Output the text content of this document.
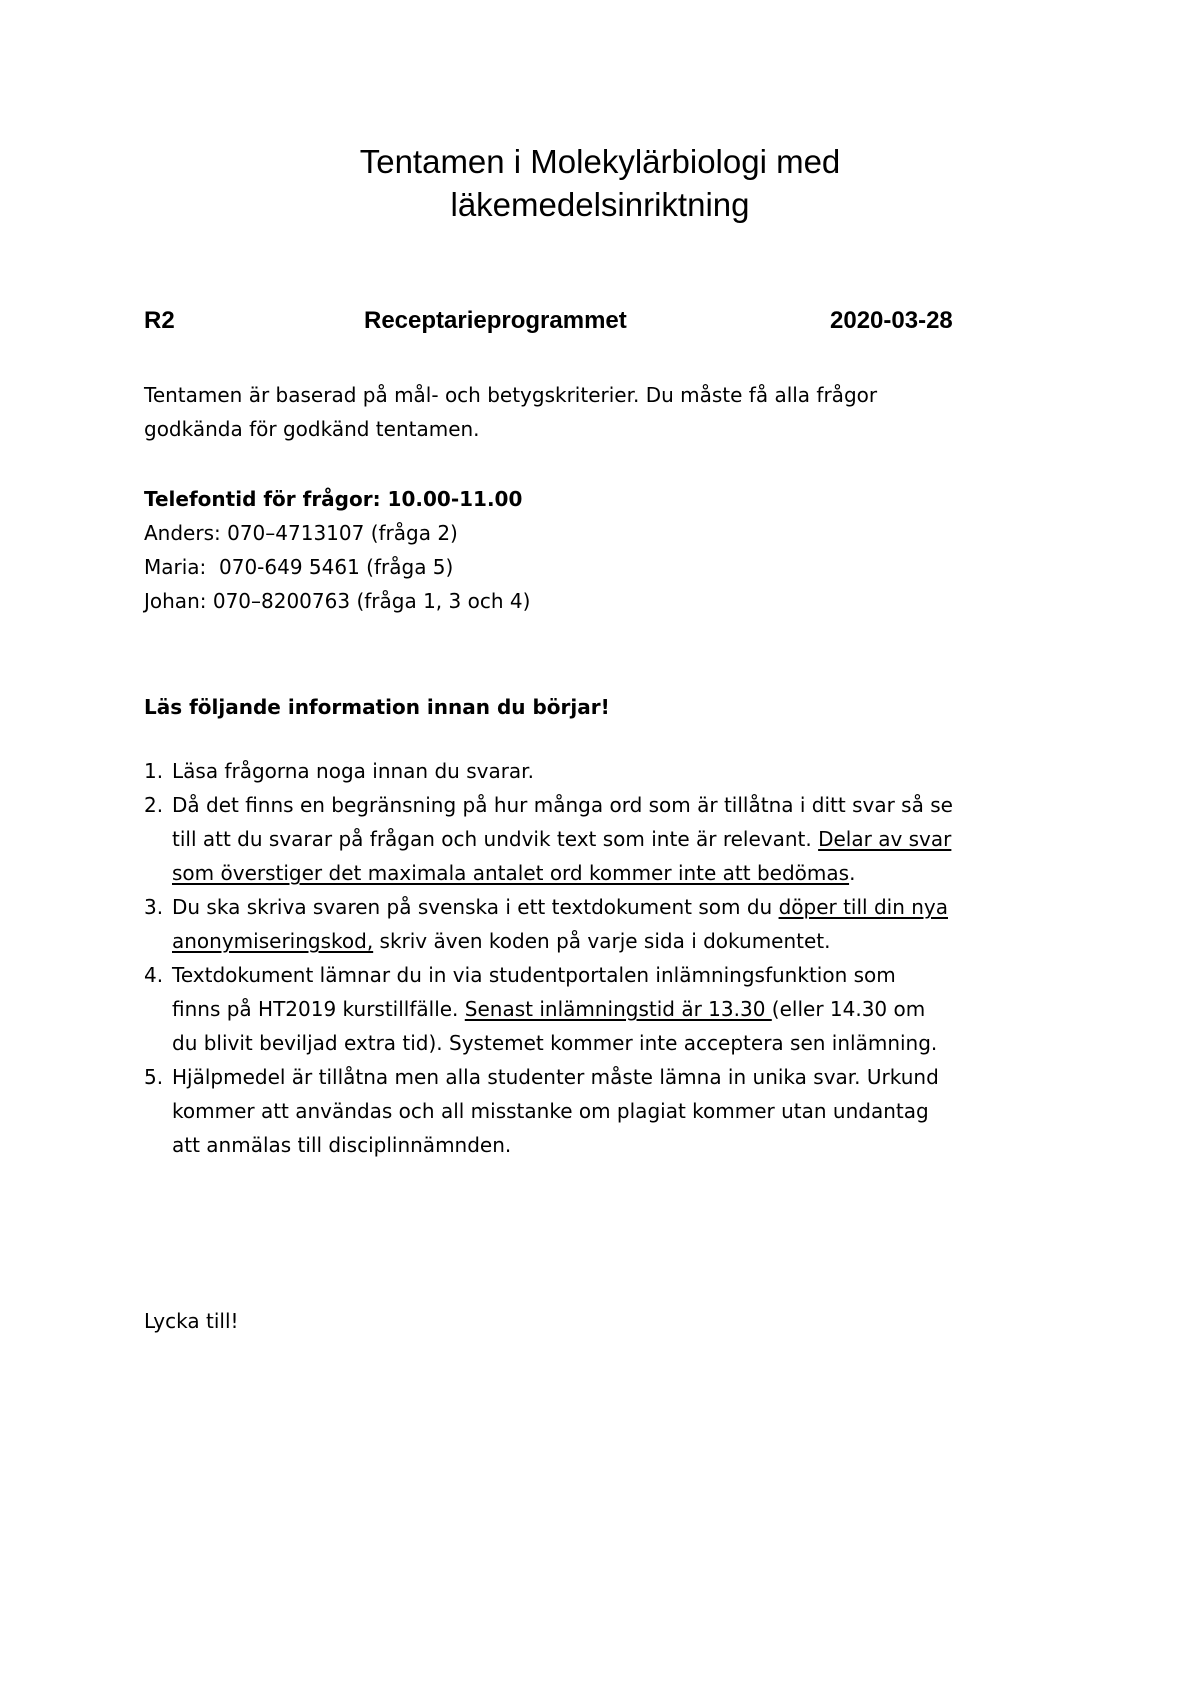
Tentamen i Molekylärbiologi med
läkemedelsinriktning
R2	Receptarieprogrammet	2020-03-28
Tentamen är baserad på mål- och betygskriterier. Du måste få alla frågor
godkända för godkänd tentamen.
Telefontid för frågor: 10.00-11.00
Anders: 070–4713107 (fråga 2)
Maria:  070-649 5461 (fråga 5)
Johan: 070–8200763 (fråga 1, 3 och 4)
Läs följande information innan du börjar!
1. Läsa frågorna noga innan du svarar.
2. Då det finns en begränsning på hur många ord som är tillåtna i ditt svar så se
till att du svarar på frågan och undvik text som inte är relevant. Delar av svar
som överstiger det maximala antalet ord kommer inte att bedömas.
3. Du ska skriva svaren på svenska i ett textdokument som du döper till din nya
anonymiseringskod, skriv även koden på varje sida i dokumentet.
4. Textdokument lämnar du in via studentportalen inlämningsfunktion som
finns på HT2019 kurstillfälle. Senast inlämningstid är 13.30 (eller 14.30 om
du blivit beviljad extra tid). Systemet kommer inte acceptera sen inlämning.
5. Hjälpmedel är tillåtna men alla studenter måste lämna in unika svar. Urkund
kommer att användas och all misstanke om plagiat kommer utan undantag
att anmälas till disciplinnämnden.
Lycka till!
